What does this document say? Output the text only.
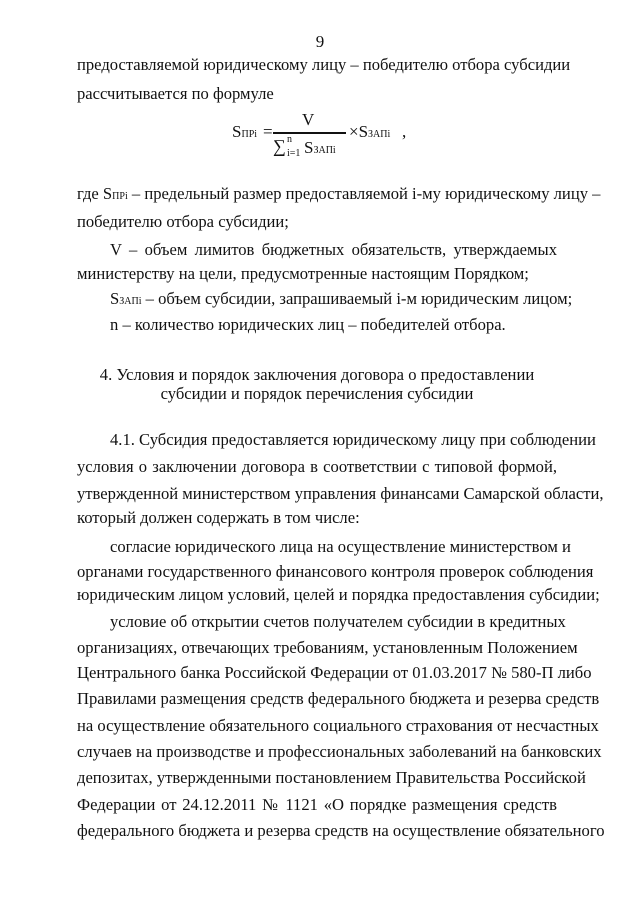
9
предоставляемой юридическому лицу – победителю отбора субсидии
рассчитывается по формуле
SПРi =
V
∑ n
i=1 SЗАПi
×SЗАПi ,
где SПРi – предельный размер предоставляемой i-му юридическому лицу –
победителю отбора субсидии;
V – объем лимитов бюджетных обязательств, утверждаемых
министерству на цели, предусмотренные настоящим Порядком;
SЗАПi – объем субсидии, запрашиваемый i-м юридическим лицом;
n – количество юридических лиц – победителей отбора.
4. Условия и порядок заключения договора о предоставлении
субсидии и порядок перечисления субсидии
4.1. Субсидия предоставляется юридическому лицу при соблюдении
условия о заключении договора в соответствии с типовой формой,
утвержденной министерством управления финансами Самарской области,
который должен содержать в том числе:
согласие юридического лица на осуществление министерством и
органами государственного финансового контроля проверок соблюдения
юридическим лицом условий, целей и порядка предоставления субсидии;
условие об открытии счетов получателем субсидии в кредитных
организациях, отвечающих требованиям, установленным Положением
Центрального банка Российской Федерации от 01.03.2017 № 580-П либо
Правилами размещения средств федерального бюджета и резерва средств
на осуществление обязательного социального страхования от несчастных
случаев на производстве и профессиональных заболеваний на банковских
депозитах, утвержденными постановлением Правительства Российской
Федерации от 24.12.2011 № 1121 «О порядке размещения средств
федерального бюджета и резерва средств на осуществление обязательного
